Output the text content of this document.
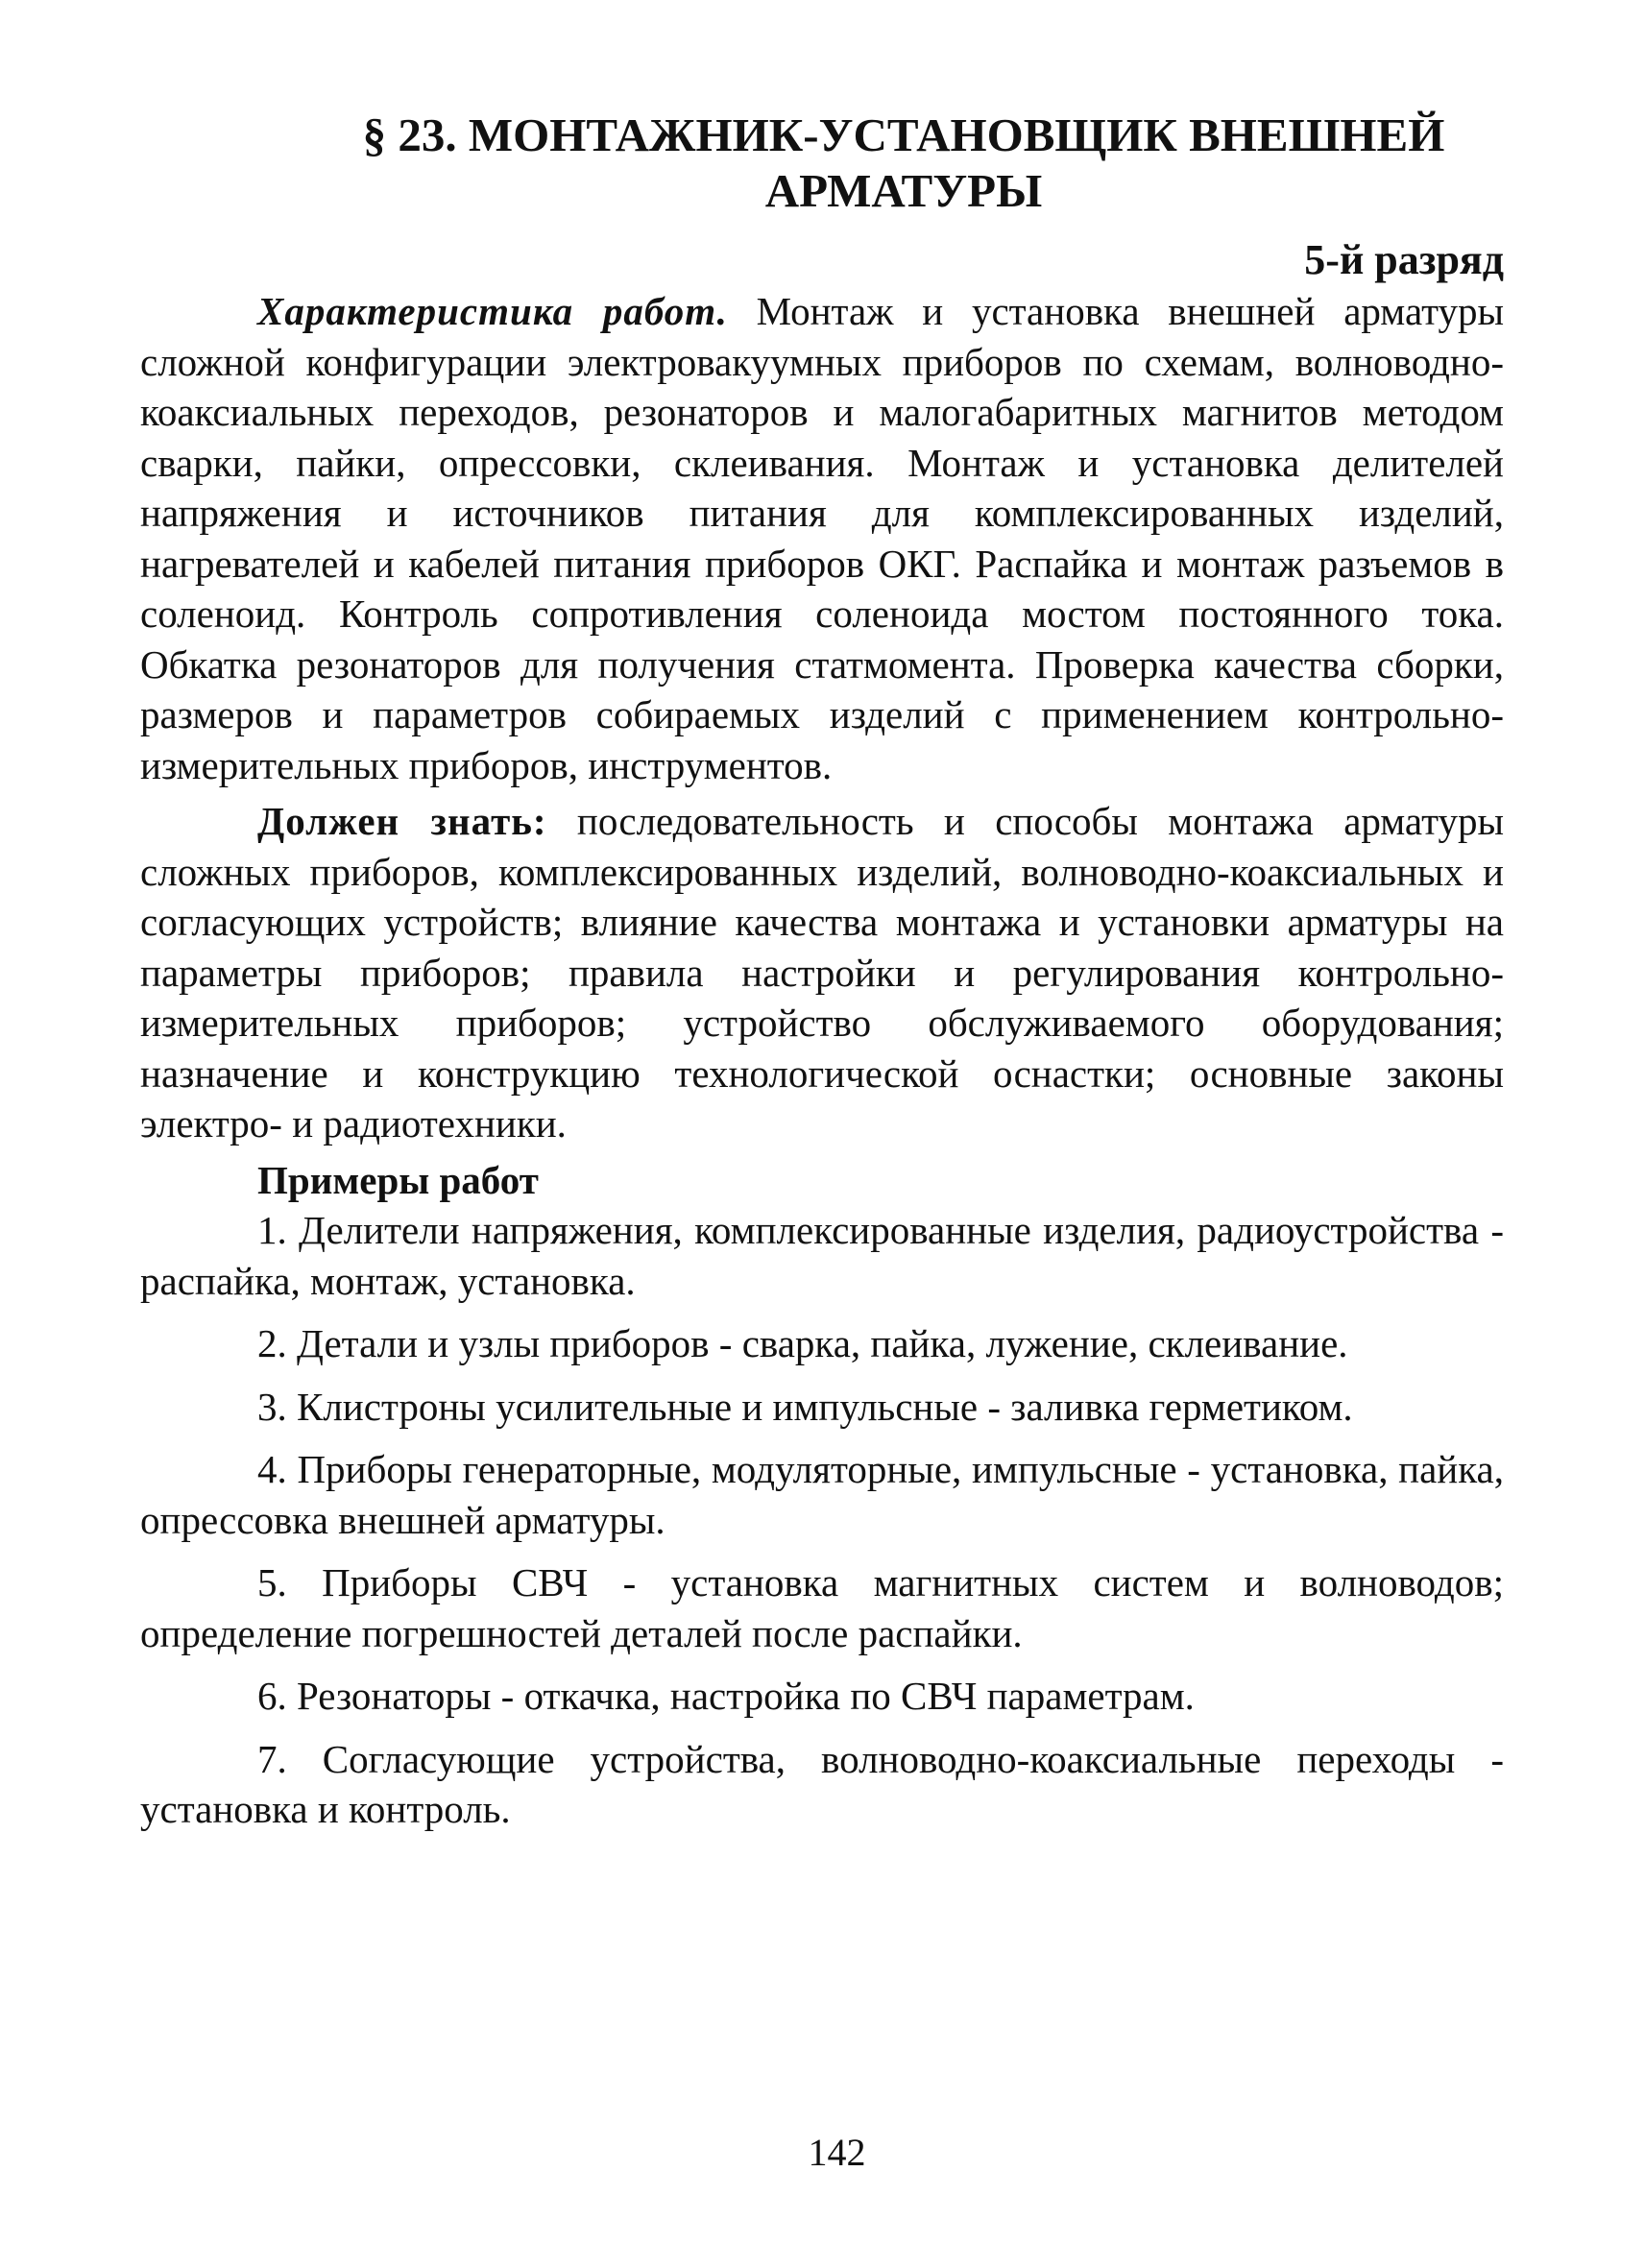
§ 23. МОНТАЖНИК-УСТАНОВЩИК ВНЕШНЕЙ
АРМАТУРЫ
5-й разряд

Характеристика работ. Монтаж и установка внешней арматуры сложной конфигурации электровакуумных приборов по схемам, волноводно-коаксиальных переходов, резонаторов и малогабаритных магнитов методом сварки, пайки, опрессовки, склеивания. Монтаж и установка делителей напряжения и источников питания для комплексированных изделий, нагревателей и кабелей питания приборов ОКГ. Распайка и монтаж разъемов в соленоид. Контроль сопротивления соленоида мостом постоянного тока. Обкатка резонаторов для получения статмомента. Проверка качества сборки, размеров и параметров собираемых изделий с применением контрольно-измерительных приборов, инструментов.

Должен знать: последовательность и способы монтажа арматуры сложных приборов, комплексированных изделий, волноводно-коаксиальных и согласующих устройств; влияние качества монтажа и установки арматуры на параметры приборов; правила настройки и регулирования контрольно-измерительных приборов; устройство обслуживаемого оборудования; назначение и конструкцию технологической оснастки; основные законы электро- и радиотехники.

Примеры работ
1. Делители напряжения, комплексированные изделия, радиоустройства - распайка, монтаж, установка.
2. Детали и узлы приборов - сварка, пайка, лужение, склеивание.
3. Клистроны усилительные и импульсные - заливка герметиком.
4. Приборы генераторные, модуляторные, импульсные - установка, пайка, опрессовка внешней арматуры.
5. Приборы СВЧ - установка магнитных систем и волноводов; определение погрешностей деталей после распайки.
6. Резонаторы - откачка, настройка по СВЧ параметрам.
7. Согласующие устройства, волноводно-коаксиальные переходы - установка и контроль.
142
